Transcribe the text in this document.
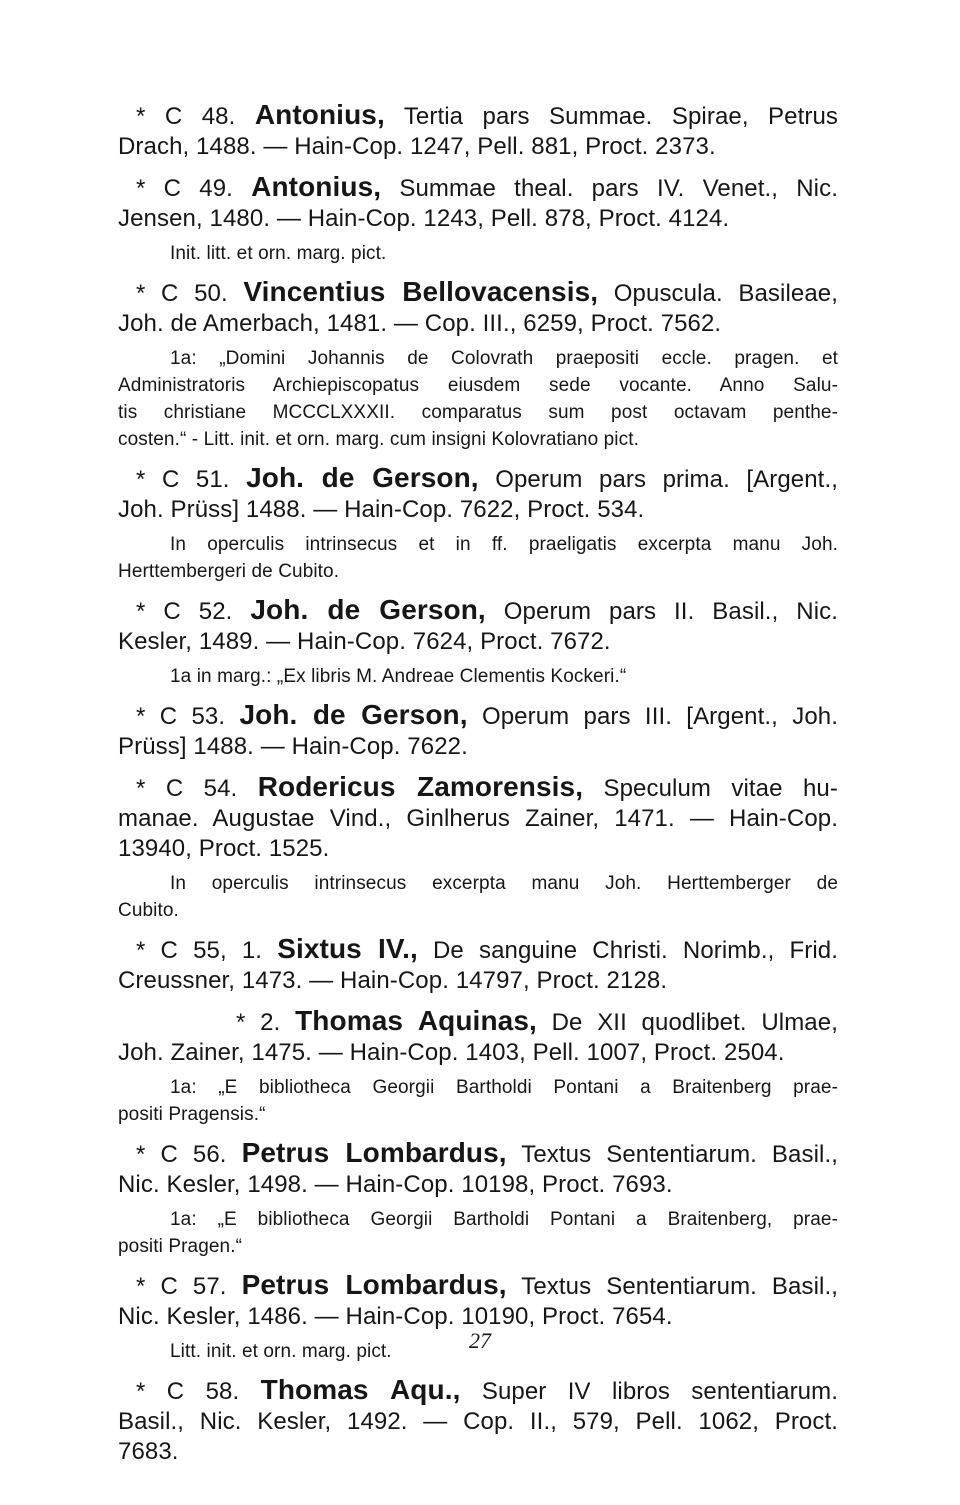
* C 48. Antonius, Tertia pars Summae. Spirae, Petrus
Drach, 1488. — Hain-Cop. 1247, Pell. 881, Proct. 2373.
* C 49. Antonius, Summae theal. pars IV. Venet., Nic.
Jensen, 1480. — Hain-Cop. 1243, Pell. 878, Proct. 4124.
Init. litt. et orn. marg. pict.
* C 50. Vincentius Bellovacensis, Opuscula. Basileae,
Joh. de Amerbach, 1481. — Cop. III., 6259, Proct. 7562.
1a: „Domini Johannis de Colovrath praepositi eccle. pragen. et
Administratoris Archiepiscopatus eiusdem sede vocante. Anno Salu-
tis christiane MCCCLXXXII. comparatus sum post octavam penthe-
costen.“ - Litt. init. et orn. marg. cum insigni Kolovratiano pict.
* C 51. Joh. de Gerson, Operum pars prima. [Argent.,
Joh. Prüss] 1488. — Hain-Cop. 7622, Proct. 534.
In operculis intrinsecus et in ff. praeligatis excerpta manu Joh.
Herttembergeri de Cubito.
* C 52. Joh. de Gerson, Operum pars II. Basil., Nic.
Kesler, 1489. — Hain-Cop. 7624, Proct. 7672.
1a in marg.: „Ex libris M. Andreae Clementis Kockeri.“
* C 53. Joh. de Gerson, Operum pars III. [Argent., Joh.
Prüss] 1488. — Hain-Cop. 7622.
* C 54. Rodericus Zamorensis, Speculum vitae hu-
manae. Augustae Vind., Ginlherus Zainer, 1471. — Hain-Cop.
13940, Proct. 1525.
In operculis intrinsecus excerpta manu Joh. Herttemberger de
Cubito.
* C 55, 1. Sixtus IV., De sanguine Christi. Norimb., Frid.
Creussner, 1473. — Hain-Cop. 14797, Proct. 2128.
* 2. Thomas Aquinas, De XII quodlibet. Ulmae,
Joh. Zainer, 1475. — Hain-Cop. 1403, Pell. 1007, Proct. 2504.
1a: „E bibliotheca Georgii Bartholdi Pontani a Braitenberg prae-
positi Pragensis.“
* C 56. Petrus Lombardus, Textus Sententiarum. Basil.,
Nic. Kesler, 1498. — Hain-Cop. 10198, Proct. 7693.
1a: „E bibliotheca Georgii Bartholdi Pontani a Braitenberg, prae-
positi Pragen.“
* C 57. Petrus Lombardus, Textus Sententiarum. Basil.,
Nic. Kesler, 1486. — Hain-Cop. 10190, Proct. 7654.
Litt. init. et orn. marg. pict.
* C 58. Thomas Aqu., Super IV libros sententiarum.
Basil., Nic. Kesler, 1492. — Cop. II., 579, Pell. 1062, Proct.
7683.
27
